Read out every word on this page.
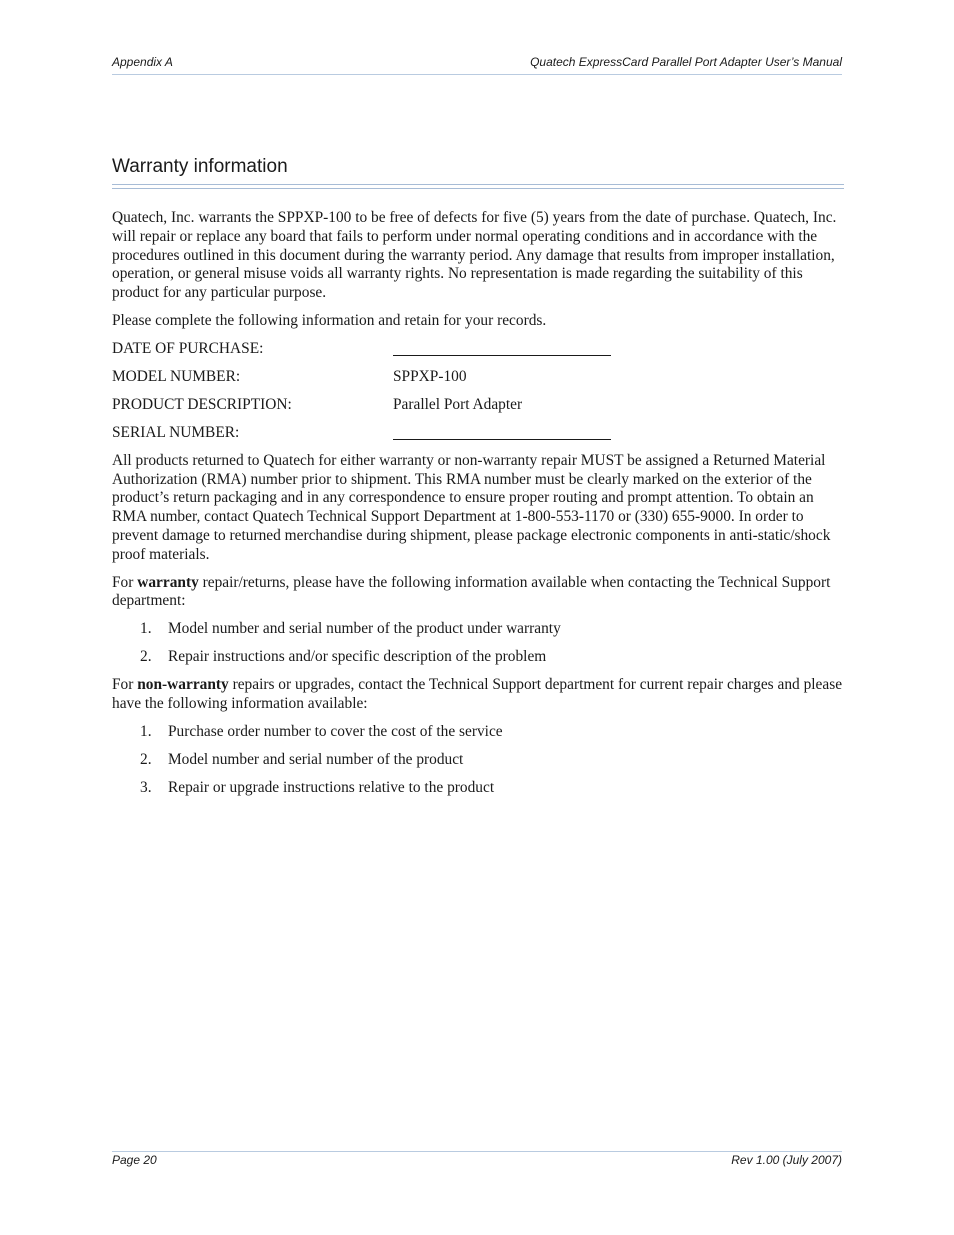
Appendix A	Quatech ExpressCard Parallel Port Adapter User’s Manual
Warranty information

Quatech, Inc. warrants the SPPXP-100 to be free of defects for five (5) years from the date of purchase. Quatech, Inc. will repair or replace any board that fails to perform under normal operating conditions and in accordance with the procedures outlined in this document during the warranty period. Any damage that results from improper installation, operation, or general misuse voids all warranty rights. No representation is made regarding the suitability of this product for any particular purpose.

Please complete the following information and retain for your records.

DATE OF PURCHASE:
MODEL NUMBER:	SPPXP-100
PRODUCT DESCRIPTION:	Parallel Port Adapter
SERIAL NUMBER:

All products returned to Quatech for either warranty or non-warranty repair MUST be assigned a Returned Material Authorization (RMA) number prior to shipment. This RMA number must be clearly marked on the exterior of the product’s return packaging and in any correspondence to ensure proper routing and prompt attention. To obtain an RMA number, contact Quatech Technical Support Department at 1-800-553-1170 or (330) 655-9000. In order to prevent damage to returned merchandise during shipment, please package electronic components in anti-static/shock proof materials.

For warranty repair/returns, please have the following information available when contacting the Technical Support department:

1.	Model number and serial number of the product under warranty
2.	Repair instructions and/or specific description of the problem

For non-warranty repairs or upgrades, contact the Technical Support department for current repair charges and please have the following information available:

1.	Purchase order number to cover the cost of the service
2.	Model number and serial number of the product
3.	Repair or upgrade instructions relative to the product
Page 20	Rev 1.00 (July 2007)
